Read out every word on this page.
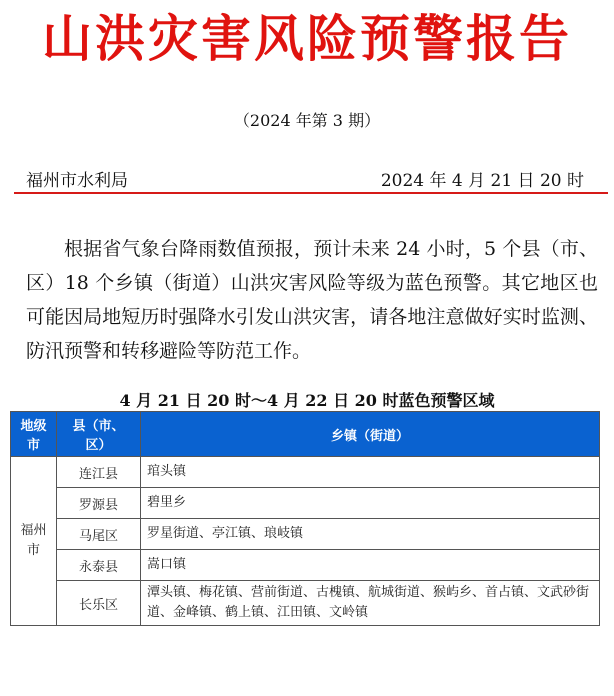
山洪灾害风险预警报告
（2024 年第 3 期）
福州市水利局	2024 年 4 月 21 日 20 时
根据省气象台降雨数值预报，预计未来 24 小时，5 个县（市、区）18 个乡镇（街道）山洪灾害风险等级为蓝色预警。其它地区也可能因局地短历时强降水引发山洪灾害，请各地注意做好实时监测、防汛预警和转移避险等防范工作。
4 月 21 日 20 时～4 月 22 日 20 时蓝色预警区域
地级市	县（市、区）	乡镇（街道）
福州市	连江县	琯头镇
	罗源县	碧里乡
	马尾区	罗星街道、亭江镇、琅岐镇
	永泰县	嵩口镇
	长乐区	潭头镇、梅花镇、营前街道、古槐镇、航城街道、猴屿乡、首占镇、文武砂街道、金峰镇、鹤上镇、江田镇、文岭镇
